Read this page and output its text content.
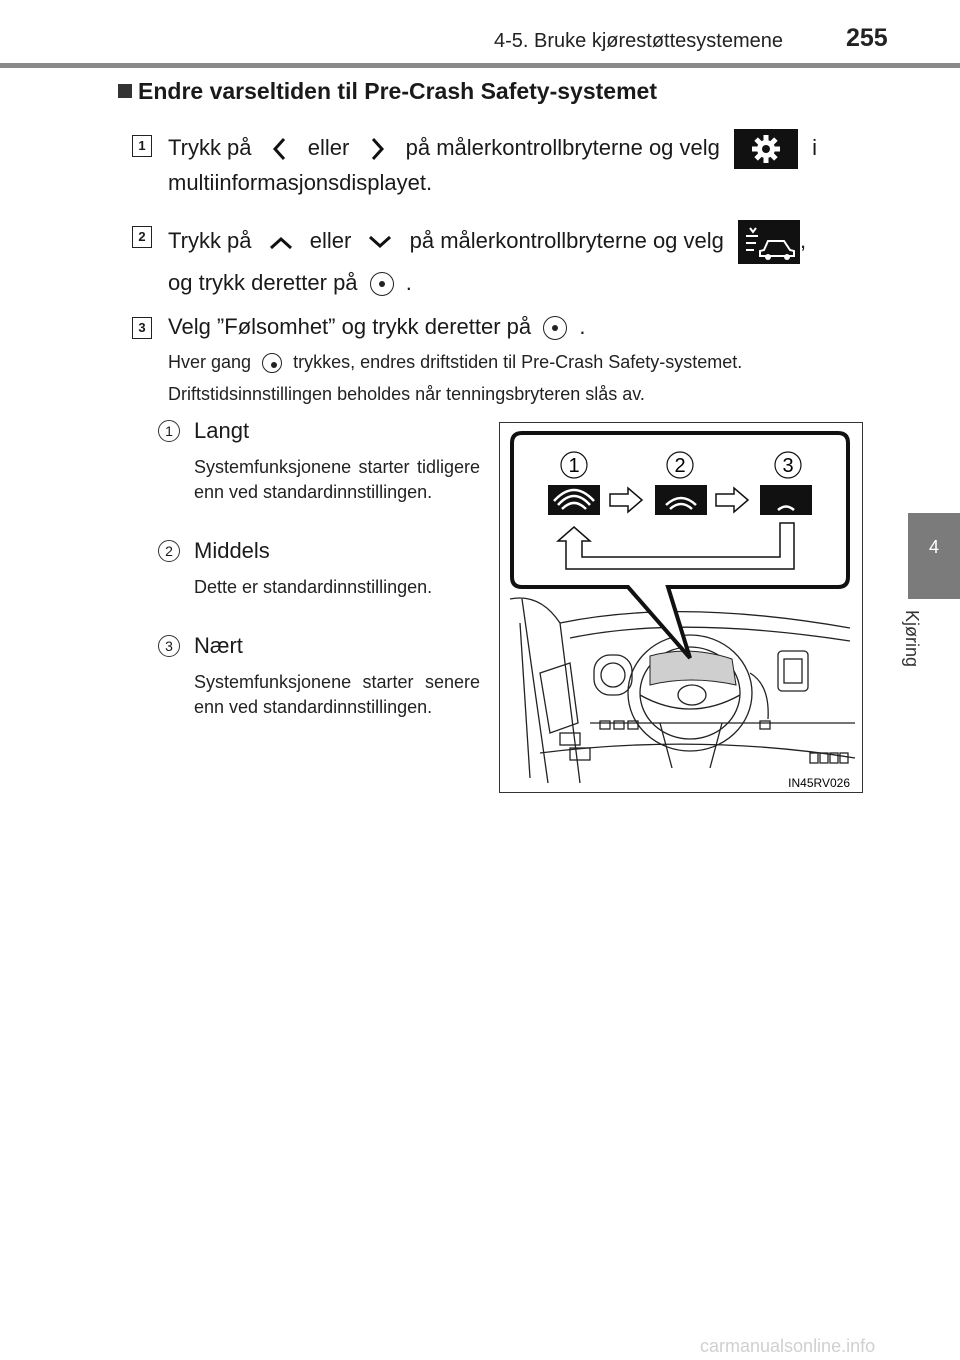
4-5. Bruke kjørestøttesystemene	255
4
Kjøring
Endre varseltiden til Pre-Crash Safety-systemet
1 Trykk på	eller	på målerkontrollbryterne og velg	i
multiinformasjonsdisplayet.
2 Trykk på	eller	på målerkontrollbryterne og velg	,
og trykk deretter på .
3 Velg ”Følsomhet” og trykk deretter på .
Hver gang trykkes, endres driftstiden til Pre-Crash Safety-systemet.
Driftstidsinnstillingen beholdes når tenningsbryteren slås av.
1 Langt
Systemfunksjonene starter tidligere enn ved standardinnstillingen.
2 Middels
Dette er standardinnstillingen.
3 Nært
Systemfunksjonene starter senere enn ved standardinnstillingen.
1	2	3
IN45RV026
carmanualsonline.info
